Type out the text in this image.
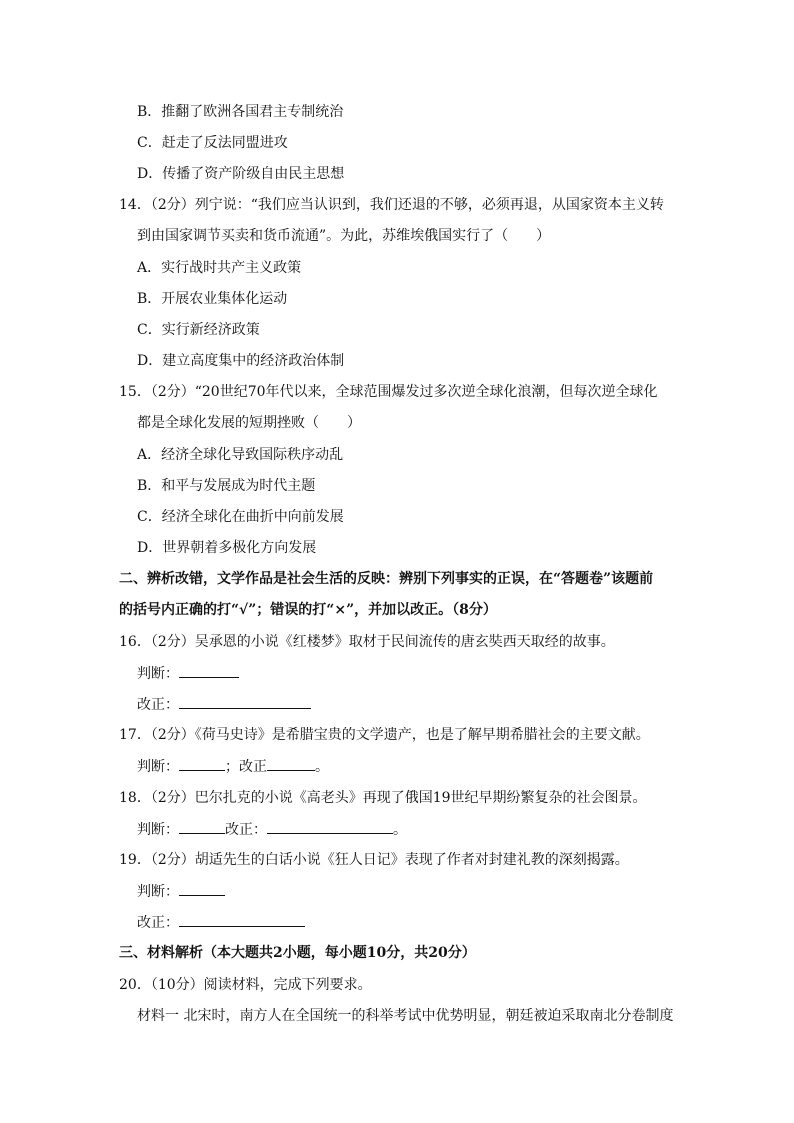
B．推翻了欧洲各国君主专制统治
C．赶走了反法同盟进攻
D．传播了资产阶级自由民主思想
14．（2分）列宁说：“我们应当认识到，我们还退的不够，必须再退，从国家资本主义转
到由国家调节买卖和货币流通”。为此，苏维埃俄国实行了（　　）
A．实行战时共产主义政策
B．开展农业集体化运动
C．实行新经济政策
D．建立高度集中的经济政治体制
15．（2分）“20世纪70年代以来，全球范围爆发过多次逆全球化浪潮，但每次逆全球化
都是全球化发展的短期挫败（　　）
A．经济全球化导致国际秩序动乱
B．和平与发展成为时代主题
C．经济全球化在曲折中向前发展
D．世界朝着多极化方向发展
二、辨析改错，文学作品是社会生活的反映：辨别下列事实的正误，在“答题卷”该题前
的括号内正确的打“√”；错误的打“×”，并加以改正。（8分）
16．（2分）吴承恩的小说《红楼梦》取材于民间流传的唐玄奘西天取经的故事。
判断：
改正：
17．（2分）《荷马史诗》是希腊宝贵的文学遗产，也是了解早期希腊社会的主要文献。
判断：	；改正	。
18．（2分）巴尔扎克的小说《高老头》再现了俄国19世纪早期纷繁复杂的社会图景。
判断：	改正：	。
19．（2分）胡适先生的白话小说《狂人日记》表现了作者对封建礼教的深刻揭露。
判断：
改正：
三、材料解析（本大题共2小题，每小题10分，共20分）
20．（10分）阅读材料，完成下列要求。
材料一 北宋时，南方人在全国统一的科举考试中优势明显，朝廷被迫采取南北分卷制度
